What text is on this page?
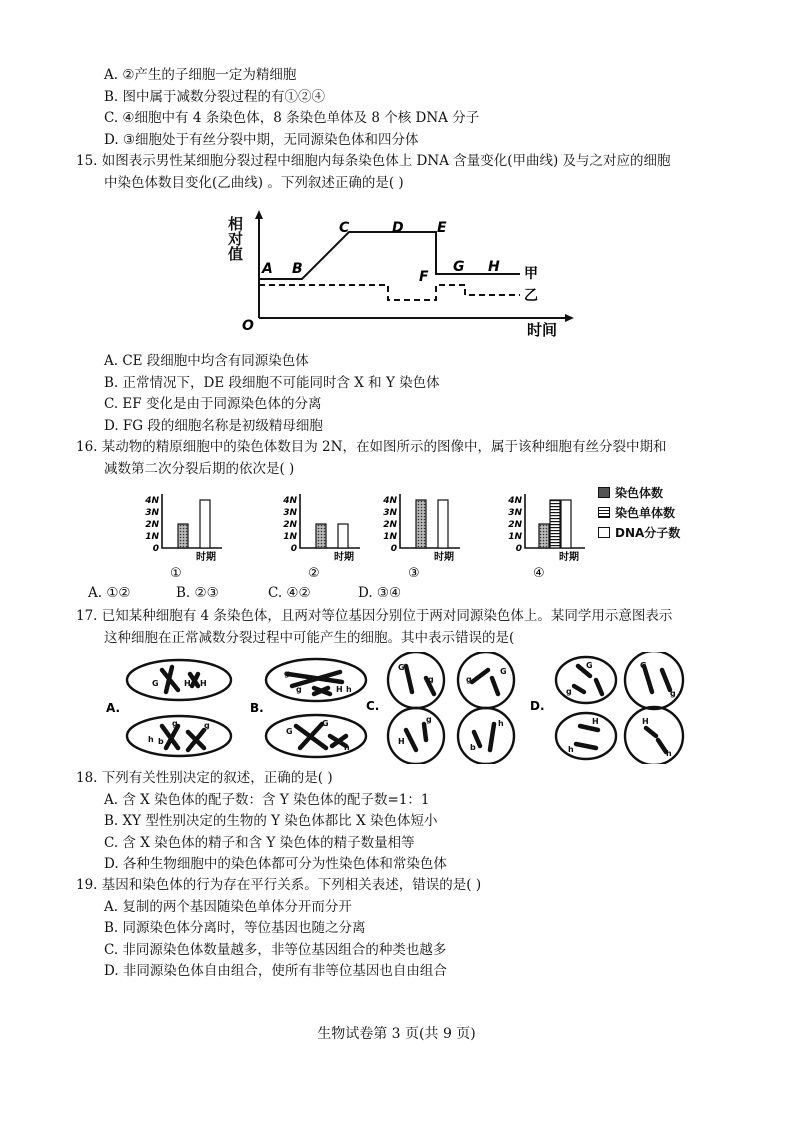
A. ②产生的子细胞一定为精细胞
B. 图中属于减数分裂过程的有①②④
C. ④细胞中有 4 条染色体，8 条染色单体及 8 个核 DNA 分子
D. ③细胞处于有丝分裂中期，无同源染色体和四分体
15. 如图表示男性某细胞分裂过程中细胞内每条染色体上 DNA 含量变化(甲曲线) 及与之对应的细胞
中染色体数目变化(乙曲线) 。下列叙述正确的是( )
O
A B
C	D E
F
G H 甲
乙
时间
相对值
A. CE 段细胞中均含有同源染色体
B. 正常情况下，DE 段细胞不可能同时含 X 和 Y 染色体
C. EF 变化是由于同源染色体的分离
D. FG 段的细胞名称是初级精母细胞
16. 某动物的精原细胞中的染色体数目为 2N，在如图所示的图像中，属于该种细胞有丝分裂中期和
减数第二次分裂后期的依次是( )
4N
3N
2N
1N
0
时期
①
4N
3N
2N
1N
0
时期
②
4N
3N
2N
1N
0
时期
③
4N
3N
2N
1N
0
时期
④
染色体数
染色单体数
DNA分子数
A. ①②	B. ②③	C. ④②	D. ③④
17. 已知某种细胞有 4 条染色体，且两对等位基因分别位于两对同源染色体上。某同学用示意图表示
这种细胞在正常减数分裂过程中可能产生的细胞。其中表示错误的是(
A.
G	H h H
h b
g	g
B.
g
g	H h
G
G
h
C.
G
g	g
G
H
g
b
h
D.
G
g
G
g
H
h
H
h
18. 下列有关性别决定的叙述，正确的是( )
A. 含 X 染色体的配子数：含 Y 染色体的配子数=1：1
B. XY 型性别决定的生物的 Y 染色体都比 X 染色体短小
C. 含 X 染色体的精子和含 Y 染色体的精子数量相等
D. 各种生物细胞中的染色体都可分为性染色体和常染色体
19. 基因和染色体的行为存在平行关系。下列相关表述，错误的是( )
A. 复制的两个基因随染色单体分开而分开
B. 同源染色体分离时，等位基因也随之分离
C. 非同源染色体数量越多，非等位基因组合的种类也越多
D. 非同源染色体自由组合，使所有非等位基因也自由组合
生物试卷第 3 页(共 9 页)
